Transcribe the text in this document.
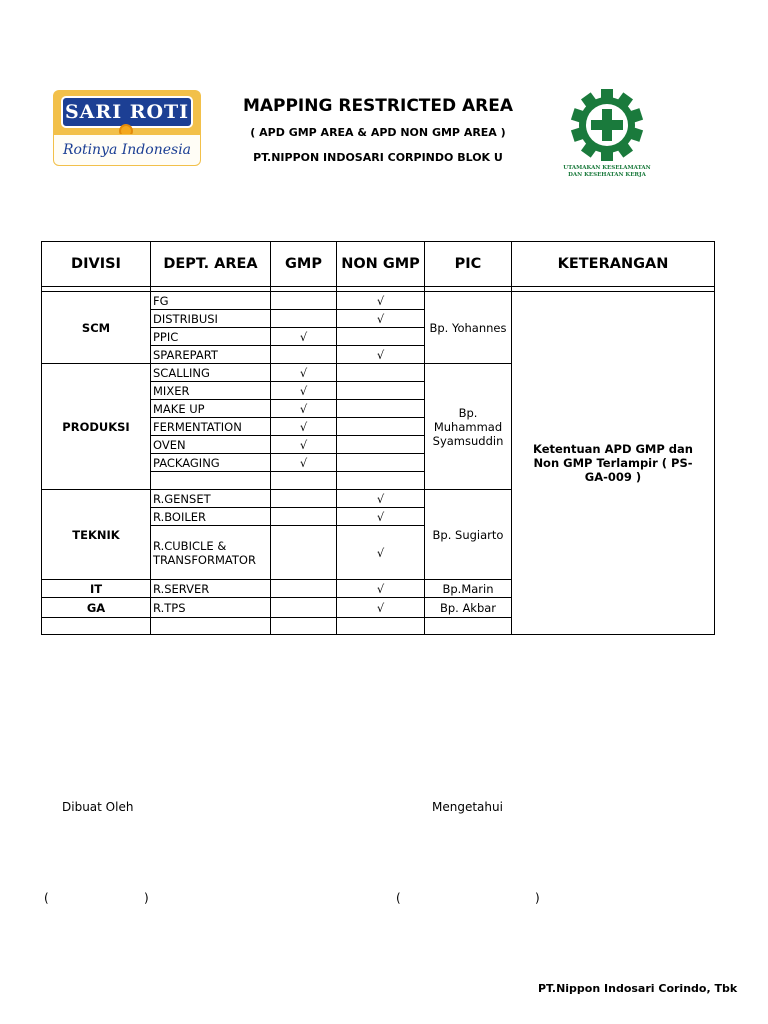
SARI ROTI
Rotinya Indonesia
MAPPING RESTRICTED AREA
( APD GMP AREA & APD NON GMP AREA )
PT.NIPPON INDOSARI CORPINDO BLOK U
UTAMAKAN KESELAMATAN
DAN KESEHATAN KERJA
DIVISI	DEPT. AREA	GMP	NON GMP	PIC	KETERANGAN

SCM	FG		√	Bp. Yohannes	Ketentuan APD GMP dan Non GMP Terlampir ( PS-GA-009 )
	DISTRIBUSI		√		
	PPIC	√			
	SPAREPART		√		
PRODUKSI	SCALLING	√		Bp. Muhammad Syamsuddin	
	MIXER	√			
	MAKE UP	√			
	FERMENTATION	√			
	OVEN	√			
	PACKAGING	√			

TEKNIK	R.GENSET		√	Bp. Sugiarto	
	R.BOILER		√		
	R.CUBICLE & TRANSFORMATOR		√		
IT	R.SERVER		√	Bp.Marin	
GA	R.TPS		√	Bp. Akbar	

Dibuat Oleh	Mengetahui
(	)	(	)
PT.Nippon Indosari Corindo, Tbk
